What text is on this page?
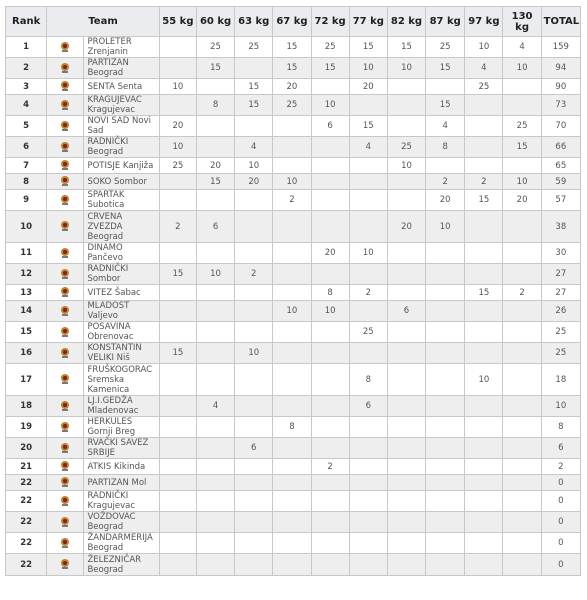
Rank	Team		55 kg	60 kg	63 kg	67 kg	72 kg	77 kg	82 kg	87 kg	97 kg	130 kg	TOTAL
1		PROLETER Zrenjanin		25	25	15	25	15	15	25	10	4	159
2		PARTIZAN Beograd		15		15	15	10	10	15	4	10	94
3		SENTA Senta	10		15	20		20			25		90
4		KRAGUJEVAC Kragujevac		8	15	25	10			15			73
5		NOVI SAD Novi Sad	20				6	15		4		25	70
6		RADNIČKI Beograd	10		4			4	25	8		15	66
7		POTISJE Kanjiža	25	20	10				10				65
8		SOKO Sombor		15	20	10				2	2	10	59
9		SPARTAK Subotica				2				20	15	20	57
10		CRVENA ZVEZDA Beograd	2	6					20	10			38
11		DINAMO Pančevo					20	10					30
12		RADNIČKI Sombor	15	10	2								27
13		VITEZ Šabac					8	2			15	2	27
14		MLADOST Valjevo				10	10		6				26
15		POSAVINA Obrenovac						25					25
16		KONSTANTIN VELIKI Niš	15		10								25
17		FRUŠKOGORAC Sremska Kamenica						8			10		18
18		LJ.I.GEDŽA Mladenovac		4				6					10
19		HERKULES Gornji Breg				8							8
20		RVAČKI SAVEZ SRBIJE			6								6
21		ATKIS Kikinda					2						2
22		PARTIZAN Mol											0
22		RADNIČKI Kragujevac											0
22		VOŽDOVAC Beograd											0
22		ŽANDARMERIJA Beograd											0
22		ŽELEZNIČAR Beograd											0
